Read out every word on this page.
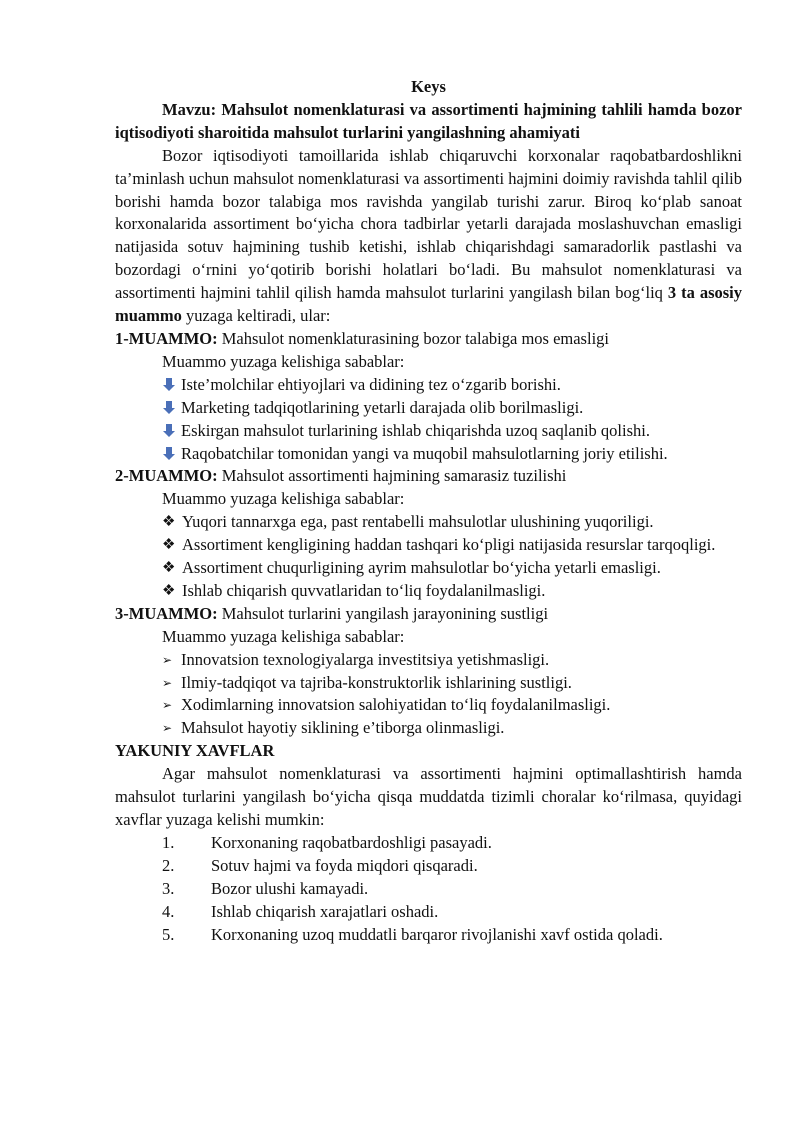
Keys

Mavzu: Mahsulot nomenklaturasi va assortimenti hajmining tahlili hamda bozor iqtisodiyoti sharoitida mahsulot turlarini yangilashning ahamiyati

Bozor iqtisodiyoti tamoillarida ishlab chiqaruvchi korxonalar raqobatbardoshlikni ta’minlash uchun mahsulot nomenklaturasi va assortimenti hajmini doimiy ravishda tahlil qilib borishi hamda bozor talabiga mos ravishda yangilab turishi zarur. Biroq ko‘plab sanoat korxonalarida assortiment bo‘yicha chora tadbirlar yetarli darajada moslashuvchan emasligi natijasida sotuv hajmining tushib ketishi, ishlab chiqarishdagi samaradorlik pastlashi va bozordagi o‘rnini yo‘qotirib borishi holatlari bo‘ladi. Bu mahsulot nomenklaturasi va assortimenti hajmini tahlil qilish hamda mahsulot turlarini yangilash bilan bog‘liq 3 ta asosiy muammo yuzaga keltiradi, ular:

1-MUAMMO: Mahsulot nomenklaturasining bozor talabiga mos emasligi

Muammo yuzaga kelishiga sabablar:

Iste’molchilar ehtiyojlari va didining tez o‘zgarib borishi.
Marketing tadqiqotlarining yetarli darajada olib borilmasligi.
Eskirgan mahsulot turlarining ishlab chiqarishda uzoq saqlanib qolishi.
Raqobatchilar tomonidan yangi va muqobil mahsulotlarning joriy etilishi.

2-MUAMMO: Mahsulot assortimenti hajmining samarasiz tuzilishi

Muammo yuzaga kelishiga sabablar:

❖ Yuqori tannarxga ega, past rentabelli mahsulotlar ulushining yuqoriligi.
❖ Assortiment kengligining haddan tashqari ko‘pligi natijasida resurslar tarqoqligi.
❖ Assortiment chuqurligining ayrim mahsulotlar bo‘yicha yetarli emasligi.
❖ Ishlab chiqarish quvvatlaridan to‘liq foydalanilmasligi.

3-MUAMMO: Mahsulot turlarini yangilash jarayonining sustligi

Muammo yuzaga kelishiga sabablar:

➢ Innovatsion texnologiyalarga investitsiya yetishmasligi.
➢ Ilmiy-tadqiqot va tajriba-konstruktorlik ishlarining sustligi.
➢ Xodimlarning innovatsion salohiyatidan to‘liq foydalanilmasligi.
➢ Mahsulot hayotiy siklining e’tiborga olinmasligi.

YAKUNIY XAVFLAR

Agar mahsulot nomenklaturasi va assortimenti hajmini optimallashtirish hamda mahsulot turlarini yangilash bo‘yicha qisqa muddatda tizimli choralar ko‘rilmasa, quyidagi xavflar yuzaga kelishi mumkin:

1. Korxonaning raqobatbardoshligi pasayadi.
2. Sotuv hajmi va foyda miqdori qisqaradi.
3. Bozor ulushi kamayadi.
4. Ishlab chiqarish xarajatlari oshadi.
5. Korxonaning uzoq muddatli barqaror rivojlanishi xavf ostida qoladi.
